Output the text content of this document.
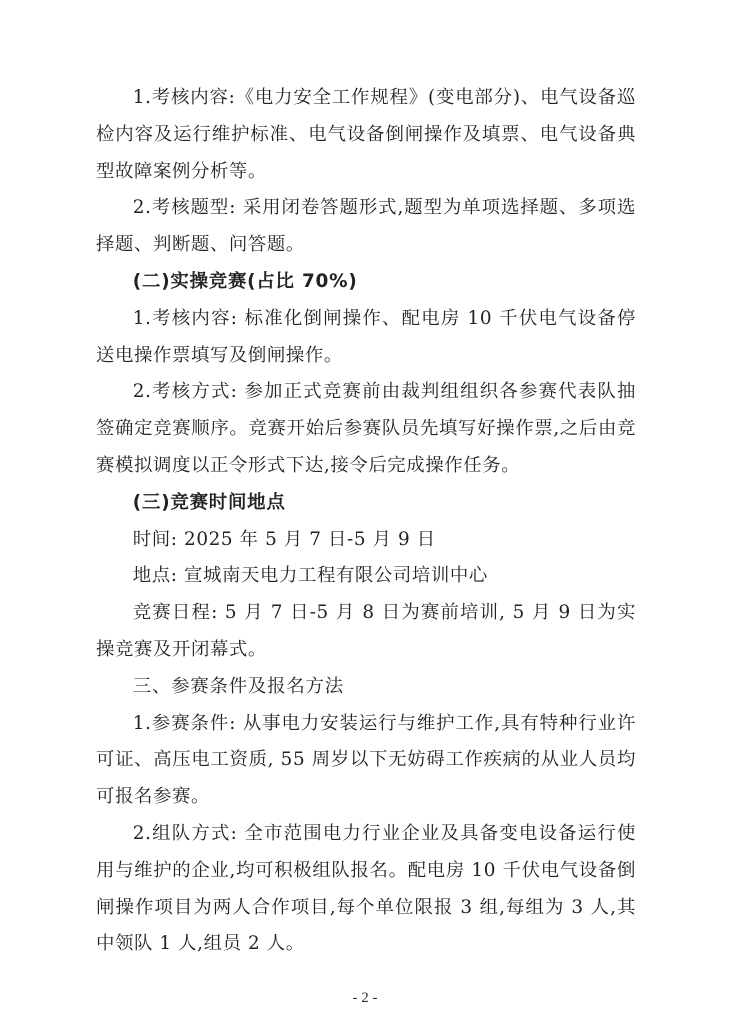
1.考核内容:《电力安全工作规程》(变电部分)、电气设备巡检内容及运行维护标准、电气设备倒闸操作及填票、电气设备典型故障案例分析等。

2.考核题型: 采用闭卷答题形式,题型为单项选择题、多项选择题、判断题、问答题。

(二)实操竞赛(占比 70%)

1.考核内容: 标准化倒闸操作、配电房 10 千伏电气设备停送电操作票填写及倒闸操作。

2.考核方式: 参加正式竞赛前由裁判组组织各参赛代表队抽签确定竞赛顺序。竞赛开始后参赛队员先填写好操作票,之后由竞赛模拟调度以正令形式下达,接令后完成操作任务。

(三)竞赛时间地点

时间: 2025 年 5 月 7 日-5 月 9 日

地点: 宣城南天电力工程有限公司培训中心

竞赛日程: 5 月 7 日-5 月 8 日为赛前培训, 5 月 9 日为实操竞赛及开闭幕式。

三、参赛条件及报名方法

1.参赛条件: 从事电力安装运行与维护工作,具有特种行业许可证、高压电工资质, 55 周岁以下无妨碍工作疾病的从业人员均可报名参赛。

2.组队方式: 全市范围电力行业企业及具备变电设备运行使用与维护的企业,均可积极组队报名。配电房 10 千伏电气设备倒闸操作项目为两人合作项目,每个单位限报 3 组,每组为 3 人,其中领队 1 人,组员 2 人。

- 2 -
